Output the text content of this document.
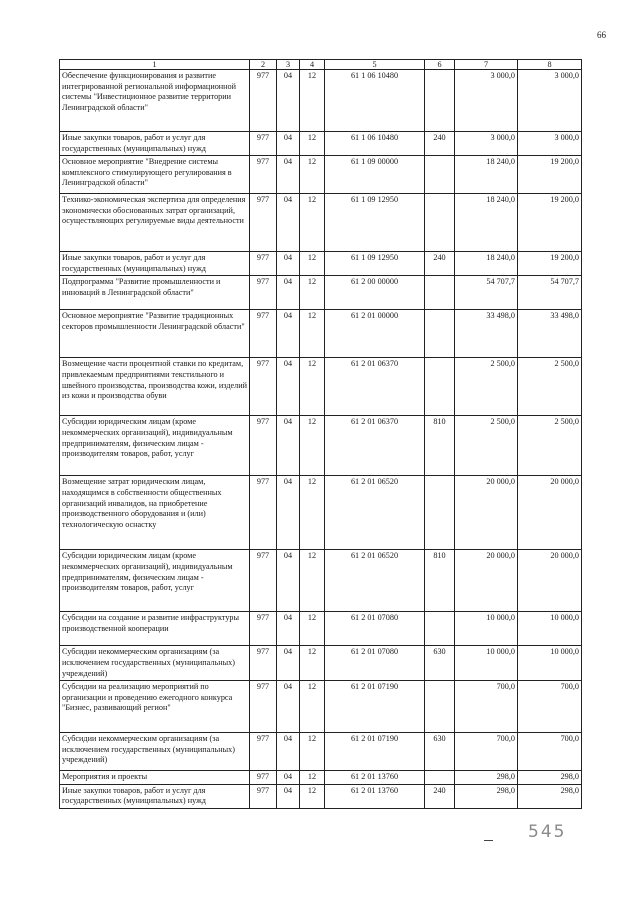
66
1	2	3	4	5	6	7	8
Обеспечение функционирования и развитие интегрированной региональной информационной системы "Инвестиционное развитие территории Ленинградской области"	977	04	12	61 1 06 10480		3 000,0	3 000,0
Иные закупки товаров, работ и услуг для государственных (муниципальных) нужд	977	04	12	61 1 06 10480	240	3 000,0	3 000,0
Основное мероприятие "Внедрение системы комплексного стимулирующего регулирования в Ленинградской области"	977	04	12	61 1 09 00000		18 240,0	19 200,0
Технико-экономическая экспертиза для определения экономически обоснованных затрат организаций, осуществляющих регулируемые виды деятельности	977	04	12	61 1 09 12950		18 240,0	19 200,0
Иные закупки товаров, работ и услуг для государственных (муниципальных) нужд	977	04	12	61 1 09 12950	240	18 240,0	19 200,0
Подпрограмма "Развитие промышленности и инноваций в Ленинградской области"	977	04	12	61 2 00 00000		54 707,7	54 707,7
Основное мероприятие "Развитие традиционных секторов промышленности Ленинградской области"	977	04	12	61 2 01 00000		33 498,0	33 498,0
Возмещение части процентной ставки по кредитам, привлекаемым предприятиями текстильного и швейного производства, производства кожи, изделий из кожи и производства обуви	977	04	12	61 2 01 06370		2 500,0	2 500,0
Субсидии юридическим лицам (кроме некоммерческих организаций), индивидуальным предпринимателям, физическим лицам - производителям товаров, работ, услуг	977	04	12	61 2 01 06370	810	2 500,0	2 500,0
Возмещение затрат юридическим лицам, находящимся в собственности общественных организаций инвалидов, на приобретение производственного оборудования и (или) технологическую оснастку	977	04	12	61 2 01 06520		20 000,0	20 000,0
Субсидии юридическим лицам (кроме некоммерческих организаций), индивидуальным предпринимателям, физическим лицам - производителям товаров, работ, услуг	977	04	12	61 2 01 06520	810	20 000,0	20 000,0
Субсидии на создание и развитие инфраструктуры производственной кооперации	977	04	12	61 2 01 07080		10 000,0	10 000,0
Субсидии некоммерческим организациям (за исключением государственных (муниципальных) учреждений)	977	04	12	61 2 01 07080	630	10 000,0	10 000,0
Субсидии на реализацию мероприятий по организации и проведению ежегодного конкурса "Бизнес, развивающий регион"	977	04	12	61 2 01 07190		700,0	700,0
Субсидии некоммерческим организациям (за исключением государственных (муниципальных) учреждений)	977	04	12	61 2 01 07190	630	700,0	700,0
Мероприятия и проекты	977	04	12	61 2 01 13760		298,0	298,0
Иные закупки товаров, работ и услуг для государственных (муниципальных) нужд	977	04	12	61 2 01 13760	240	298,0	298,0
545
